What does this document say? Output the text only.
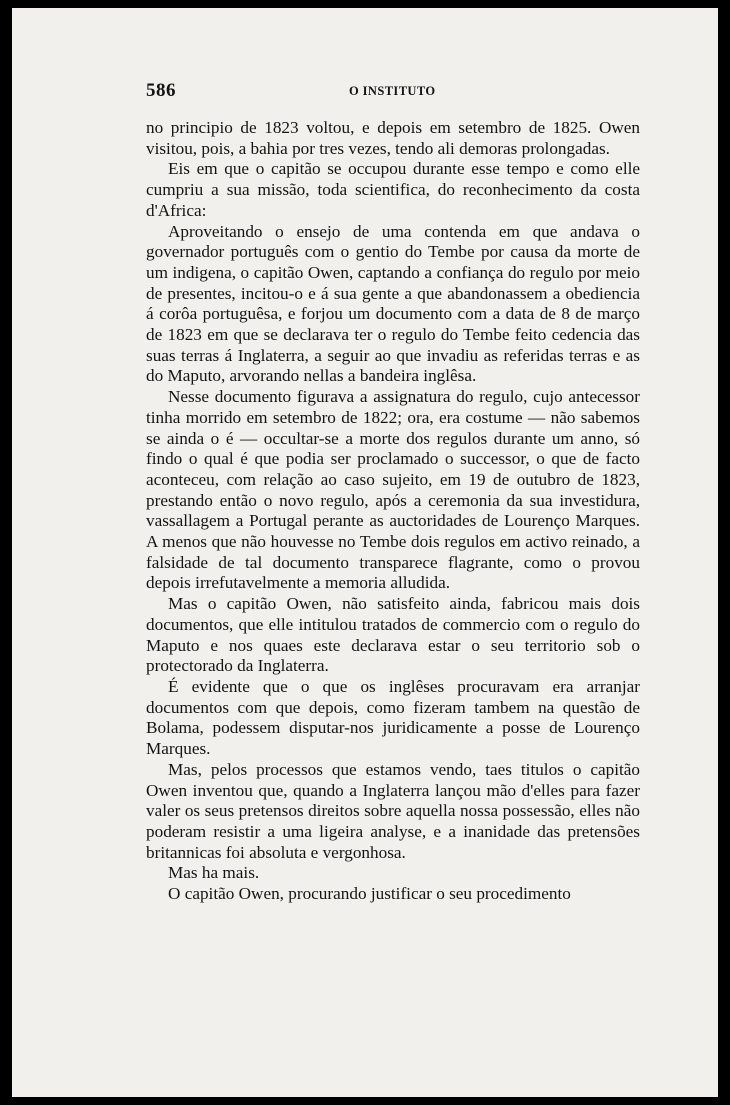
586	O INSTITUTO

no principio de 1823 voltou, e depois em setembro de 1825. Owen visitou, pois, a bahia por tres vezes, tendo ali demoras prolongadas.

Eis em que o capitão se occupou durante esse tempo e como elle cumpriu a sua missão, toda scientifica, do reconhecimento da costa d'Africa:

Aproveitando o ensejo de uma contenda em que andava o governador português com o gentio do Tembe por causa da morte de um indigena, o capitão Owen, captando a confiança do regulo por meio de presentes, incitou-o e á sua gente a que abandonassem a obediencia á corôa portuguêsa, e forjou um documento com a data de 8 de março de 1823 em que se declarava ter o regulo do Tembe feito cedencia das suas terras á Inglaterra, a seguir ao que invadiu as referidas terras e as do Maputo, arvorando nellas a bandeira inglêsa.

Nesse documento figurava a assignatura do regulo, cujo antecessor tinha morrido em setembro de 1822; ora, era costume — não sabemos se ainda o é — occultar-se a morte dos regulos durante um anno, só findo o qual é que podia ser proclamado o successor, o que de facto aconteceu, com relação ao caso sujeito, em 19 de outubro de 1823, prestando então o novo regulo, após a ceremonia da sua investidura, vassallagem a Portugal perante as auctoridades de Lourenço Marques. A menos que não houvesse no Tembe dois regulos em activo reinado, a falsidade de tal documento transparece flagrante, como o provou depois irrefutavelmente a memoria alludida.

Mas o capitão Owen, não satisfeito ainda, fabricou mais dois documentos, que elle intitulou tratados de commercio com o regulo do Maputo e nos quaes este declarava estar o seu territorio sob o protectorado da Inglaterra.

É evidente que o que os inglêses procuravam era arranjar documentos com que depois, como fizeram tambem na questão de Bolama, podessem disputar-nos juridicamente a posse de Lourenço Marques.

Mas, pelos processos que estamos vendo, taes titulos o capitão Owen inventou que, quando a Inglaterra lançou mão d'elles para fazer valer os seus pretensos direitos sobre aquella nossa possessão, elles não poderam resistir a uma ligeira analyse, e a inanidade das pretensões britannicas foi absoluta e vergonhosa.

Mas ha mais.

O capitão Owen, procurando justificar o seu procedimento
